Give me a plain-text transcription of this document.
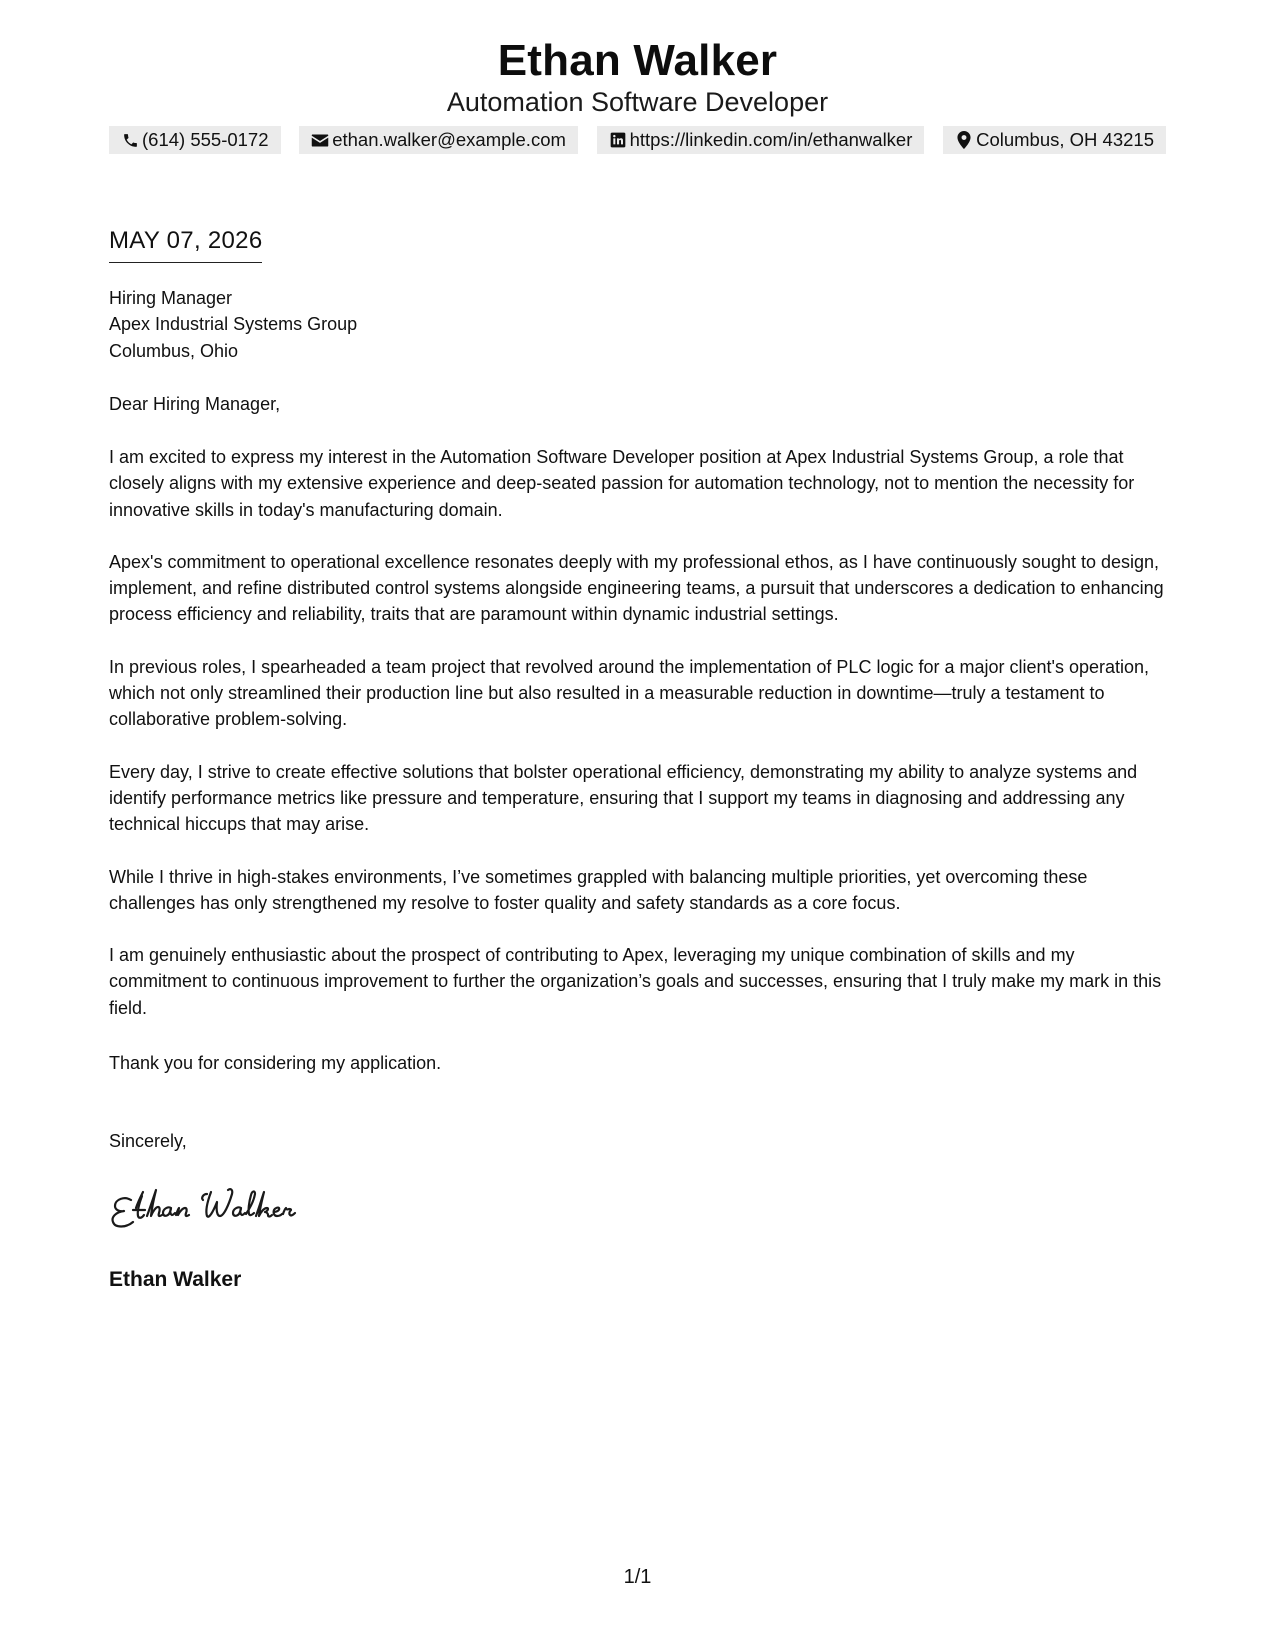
Ethan Walker
Automation Software Developer
(614) 555-0172	ethan.walker@example.com	https://linkedin.com/in/ethanwalker	Columbus, OH 43215
MAY 07, 2026
Hiring Manager
Apex Industrial Systems Group
Columbus, Ohio
Dear Hiring Manager,

I am excited to express my interest in the Automation Software Developer position at Apex Industrial Systems Group, a role that closely aligns with my extensive experience and deep-seated passion for automation technology, not to mention the necessity for innovative skills in today's manufacturing domain.

Apex's commitment to operational excellence resonates deeply with my professional ethos, as I have continuously sought to design, implement, and refine distributed control systems alongside engineering teams, a pursuit that underscores a dedication to enhancing process efficiency and reliability, traits that are paramount within dynamic industrial settings.

In previous roles, I spearheaded a team project that revolved around the implementation of PLC logic for a major client's operation, which not only streamlined their production line but also resulted in a measurable reduction in downtime—truly a testament to collaborative problem-solving.

Every day, I strive to create effective solutions that bolster operational efficiency, demonstrating my ability to analyze systems and identify performance metrics like pressure and temperature, ensuring that I support my teams in diagnosing and addressing any technical hiccups that may arise.

While I thrive in high-stakes environments, I’ve sometimes grappled with balancing multiple priorities, yet overcoming these challenges has only strengthened my resolve to foster quality and safety standards as a core focus.

I am genuinely enthusiastic about the prospect of contributing to Apex, leveraging my unique combination of skills and my commitment to continuous improvement to further the organization’s goals and successes, ensuring that I truly make my mark in this field.

Thank you for considering my application.
Sincerely,
Ethan Walker
1/1
